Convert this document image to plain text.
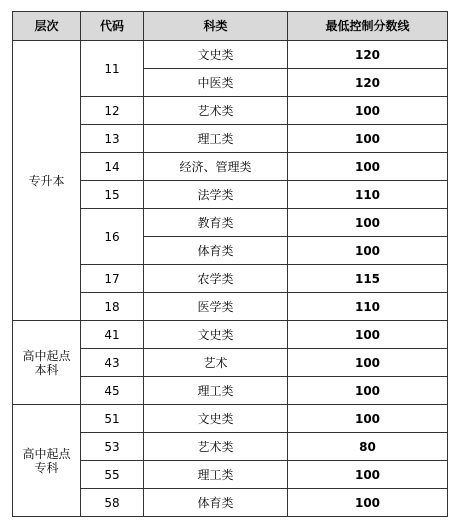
层次	代码	科类	最低控制分数线

专升本	11	文史类	120
		中医类	120
	12	艺术类	100
	13	理工类	100
	14	经济、管理类	100
	15	法学类	110
	16	教育类	100
		体育类	100
	17	农学类	115
	18	医学类	110

高中起点
本科	41	文史类	100
	43	艺术	100
	45	理工类	100

高中起点
专科	51	文史类	100
	53	艺术类	80
	55	理工类	100
	58	体育类	100
